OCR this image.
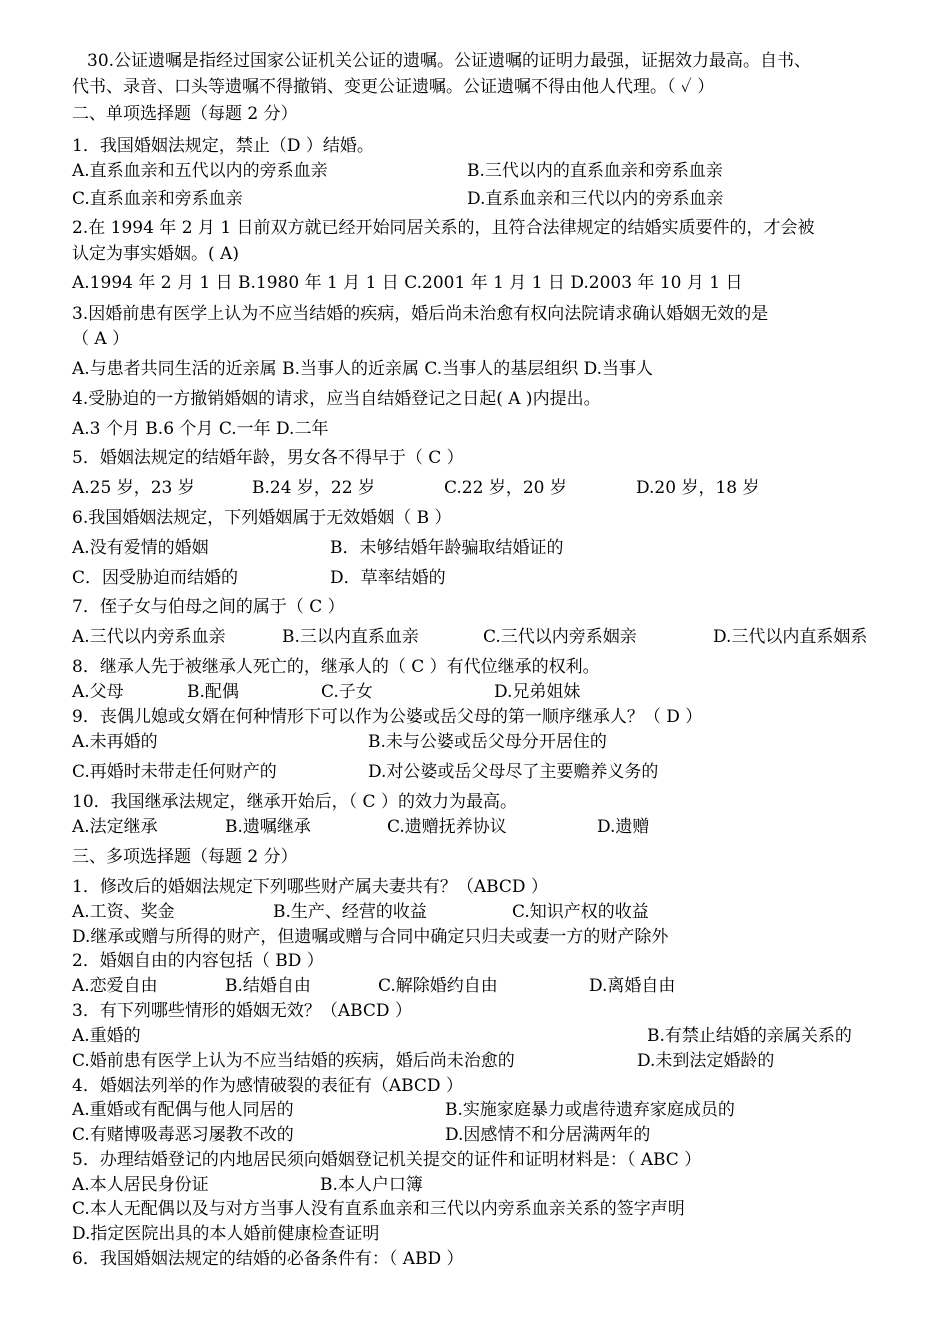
30.公证遗嘱是指经过国家公证机关公证的遗嘱。公证遗嘱的证明力最强，证据效力最高。自书、
代书、录音、口头等遗嘱不得撤销、变更公证遗嘱。公证遗嘱不得由他人代理。（ ✓ ）
二、单项选择题（每题 2 分）
1．我国婚姻法规定，禁止（D ）结婚。
A.直系血亲和五代以内的旁系血亲	B.三代以内的直系血亲和旁系血亲
C.直系血亲和旁系血亲	D.直系血亲和三代以内的旁系血亲
2.在 1994 年 2 月 1 日前双方就已经开始同居关系的，且符合法律规定的结婚实质要件的，才会被
认定为事实婚姻。( A)
A.1994 年 2 月 1 日 B.1980 年 1 月 1 日 C.2001 年 1 月 1 日 D.2003 年 10 月 1 日
3.因婚前患有医学上认为不应当结婚的疾病，婚后尚未治愈有权向法院请求确认婚姻无效的是
（ A ）
A.与患者共同生活的近亲属 B.当事人的近亲属 C.当事人的基层组织 D.当事人
4.受胁迫的一方撤销婚姻的请求，应当自结婚登记之日起( A )内提出。
A.3 个月 B.6 个月 C.一年 D.二年
5．婚姻法规定的结婚年龄，男女各不得早于（ C ）
A.25 岁，23 岁	B.24 岁，22 岁	C.22 岁，20 岁	D.20 岁，18 岁
6.我国婚姻法规定，下列婚姻属于无效婚姻（ B ）
A.没有爱情的婚姻	B．未够结婚年龄骗取结婚证的
C．因受胁迫而结婚的	D．草率结婚的
7．侄子女与伯母之间的属于（ C ）
A.三代以内旁系血亲	B.三以内直系血亲	C.三代以内旁系姻亲	D.三代以内直系姻系
8．继承人先于被继承人死亡的，继承人的（ C ）有代位继承的权利。
A.父母	B.配偶	C.子女	D.兄弟姐妹
9．丧偶儿媳或女婿在何种情形下可以作为公婆或岳父母的第一顺序继承人？（ D ）
A.未再婚的	B.未与公婆或岳父母分开居住的
C.再婚时未带走任何财产的	D.对公婆或岳父母尽了主要赡养义务的
10．我国继承法规定，继承开始后，（ C ）的效力为最高。
A.法定继承	B.遗嘱继承	C.遗赠抚养协议	D.遗赠
三、多项选择题（每题 2 分）
1．修改后的婚姻法规定下列哪些财产属夫妻共有？（ABCD ）
A.工资、奖金	B.生产、经营的收益	C.知识产权的收益
D.继承或赠与所得的财产，但遗嘱或赠与合同中确定只归夫或妻一方的财产除外
2．婚姻自由的内容包括（ BD ）
A.恋爱自由	B.结婚自由	C.解除婚约自由	D.离婚自由
3．有下列哪些情形的婚姻无效？（ABCD ）
A.重婚的	B.有禁止结婚的亲属关系的
C.婚前患有医学上认为不应当结婚的疾病，婚后尚未治愈的	D.未到法定婚龄的
4．婚姻法列举的作为感情破裂的表征有（ABCD ）
A.重婚或有配偶与他人同居的	B.实施家庭暴力或虐待遗弃家庭成员的
C.有赌博吸毒恶习屡教不改的	D.因感情不和分居满两年的
5．办理结婚登记的内地居民须向婚姻登记机关提交的证件和证明材料是：（ ABC ）
A.本人居民身份证	B.本人户口簿
C.本人无配偶以及与对方当事人没有直系血亲和三代以内旁系血亲关系的签字声明
D.指定医院出具的本人婚前健康检查证明
6．我国婚姻法规定的结婚的必备条件有：（ ABD ）
